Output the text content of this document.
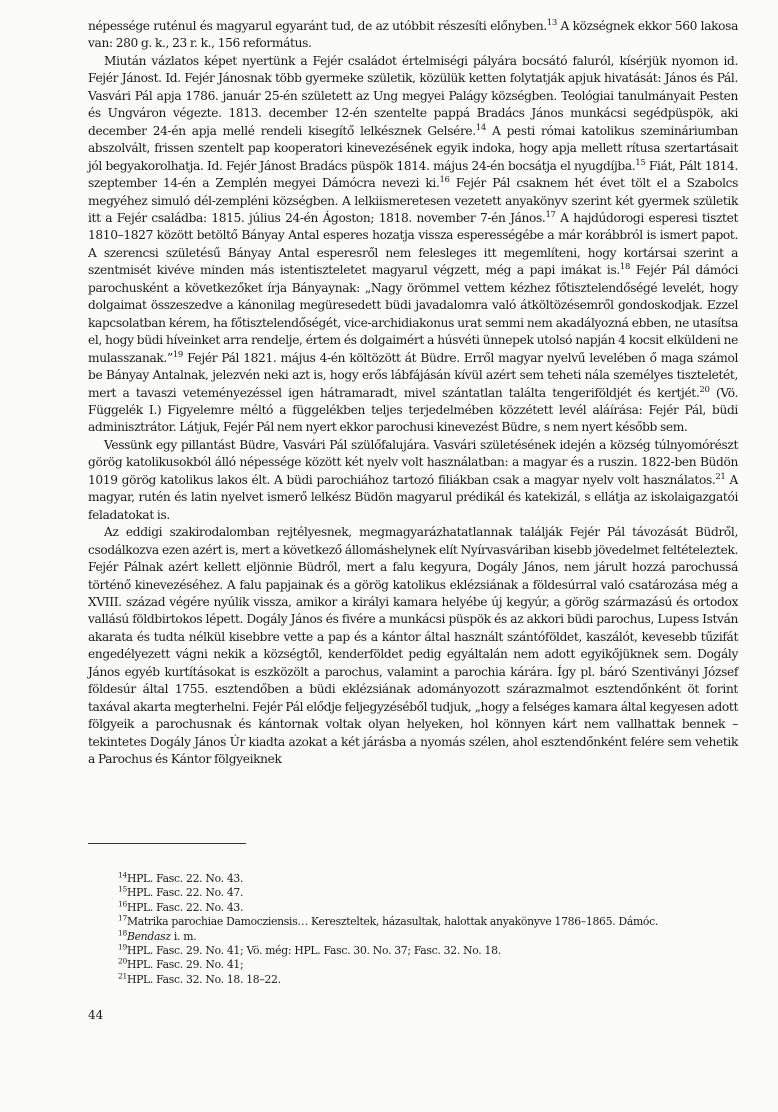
népessége ruténul és magyarul egyaránt tud, de az utóbbit részesíti előnyben.$^{13}$ A községnek ekkor 560 lakosa van: 280 g. k., 23 r. k., 156 református.

Miután vázlatos képet nyertünk a Fejér családot értelmiségi pályára bocsátó faluról, kísérjük nyomon id. Fejér Jánost. Id. Fejér Jánosnak több gyermeke születik, közülük ketten folytatják apjuk hivatását: János és Pál. Vasvári Pál apja 1786. január 25-én született az Ung megyei Palágy községben. Teológiai tanulmányait Pesten és Ungváron végezte. 1813. december 12-én szentelte pappá Bradács János munkácsi segédpüspök, aki december 24-én apja mellé rendeli kisegítő lelkésznek Gelsére.$^{14}$ A pesti római katolikus szemináriumban abszolvált, frissen szentelt pap kooperatori kinevezésének egyik indoka, hogy apja mellett rítusa szertartásait jól begyakorolhatja. Id. Fejér Jánost Bradács püspök 1814. május 24-én bocsátja el nyugdíjba.$^{15}$ Fiát, Pált 1814. szeptember 14-én a Zemplén megyei Dámócra nevezi ki.$^{16}$ Fejér Pál csaknem hét évet tölt el a Szabolcs megyéhez simuló dél-zempléni községben. A lelkiismeretesen vezetett anyakönyv szerint két gyermek születik itt a Fejér családba: 1815. július 24-én Ágoston; 1818. november 7-én János.$^{17}$ A hajdúdorogi esperesi tisztet 1810–1827 között betöltő Bányay Antal esperes hozatja vissza esperességébe a már korábbról is ismert papot. A szerencsi születésű Bányay Antal esperesről nem felesleges itt megemlíteni, hogy kortársai szerint a szentmisét kivéve minden más istentiszteletet magyarul végzett, még a papi imákat is.$^{18}$ Fejér Pál dámóci parochusként a következőket írja Bányaynak: „Nagy örömmel vettem kézhez főtisztelendőségé levelét, hogy dolgaimat összeszedve a kánonilag megüresedett büdi javadalomra való átköltözésemről gondoskodjak. Ezzel kapcsolatban kérem, ha főtisztelendőségét, vice-archidiakonus urat semmi nem akadályozná ebben, ne utasítsa el, hogy büdi híveinket arra rendelje, értem és dolgaimért a húsvéti ünnepek utolsó napján 4 kocsit elküldeni ne mulasszanak.”$^{19}$ Fejér Pál 1821. május 4-én költözött át Büdre. Erről magyar nyelvű levelében ő maga számol be Bányay Antalnak, jelezvén neki azt is, hogy erős lábfájásán kívül azért sem teheti nála személyes tiszteletét, mert a tavaszi veteményezéssel igen hátramaradt, mivel szántatlan találta tengeriföldjét és kertjét.$^{20}$ (Vö. Függelék I.) Figyelemre méltó a függelékben teljes terjedelmében közzétett levél aláírása: Fejér Pál, büdi adminisztrátor. Látjuk, Fejér Pál nem nyert ekkor parochusi kinevezést Büdre, s nem nyert később sem.

Vessünk egy pillantást Büdre, Vasvári Pál szülőfalujára. Vasvári születésének idején a község túlnyomórészt görög katolikusokból álló népessége között két nyelv volt használatban: a magyar és a ruszin. 1822-ben Büdön 1019 görög katolikus lakos élt. A büdi parochiához tartozó filiákban csak a magyar nyelv volt használatos.$^{21}$ A magyar, rutén és latin nyelvet ismerő lelkész Büdön magyarul prédikál és katekizál, s ellátja az iskolaigazgatói feladatokat is.

Az eddigi szakirodalomban rejtélyesnek, megmagyarázhatatlannak találják Fejér Pál távozását Büdről, csodálkozva ezen azért is, mert a következő állomáshelynek elít Nyírvasváriban kisebb jövedelmet feltételeztek. Fejér Pálnak azért kellett eljönnie Büdről, mert a falu kegyura, Dogály János, nem járult hozzá parochussá történő kinevezéséhez. A falu papjainak és a görög katolikus eklézsiának a földesúrral való csatározása még a XVIII. század végére nyúlik vissza, amikor a királyi kamara helyébe új kegyúr, a görög származású és ortodox vallású földbirtokos lépett. Dogály János és fivére a munkácsi püspök és az akkori büdi parochus, Lupess István akarata és tudta nélkül kisebbre vette a pap és a kántor által használt szántóföldet, kaszálót, kevesebb tűzifát engedélyezett vágni nekik a községtől, kenderföldet pedig egyáltalán nem adott egyikőjüknek sem. Dogály János egyéb kurtításokat is eszközölt a parochus, valamint a parochia kárára. Így pl. báró Szentiványi József földesúr által 1755. esztendőben a büdi eklézsiának adományozott szárazmalmot esztendőnként öt forint taxával akarta megterhelni. Fejér Pál elődje feljegyzéséből tudjuk, „hogy a felséges kamara által kegyesen adott fölgyeik a parochusnak és kántornak voltak olyan helyeken, hol könnyen kárt nem vallhattak bennek – tekintetes Dogály János Úr kiadta azokat a két járásba a nyomás szélen, ahol esztendőnként felére sem vehetik a Parochus és Kántor fölgyeiknek

$^{14}$HPL. Fasc. 22. No. 43.
$^{15}$HPL. Fasc. 22. No. 47.
$^{16}$HPL. Fasc. 22. No. 43.
$^{17}$Matrika parochiae Damocziensis… Kereszteltek, házasultak, halottak anyakönyve 1786–1865. Dámóc.
$^{18}$Bendasz i. m.
$^{19}$HPL. Fasc. 29. No. 41; Vö. még: HPL. Fasc. 30. No. 37; Fasc. 32. No. 18.
$^{20}$HPL. Fasc. 29. No. 41;
$^{21}$HPL. Fasc. 32. No. 18. 18–22.
44
